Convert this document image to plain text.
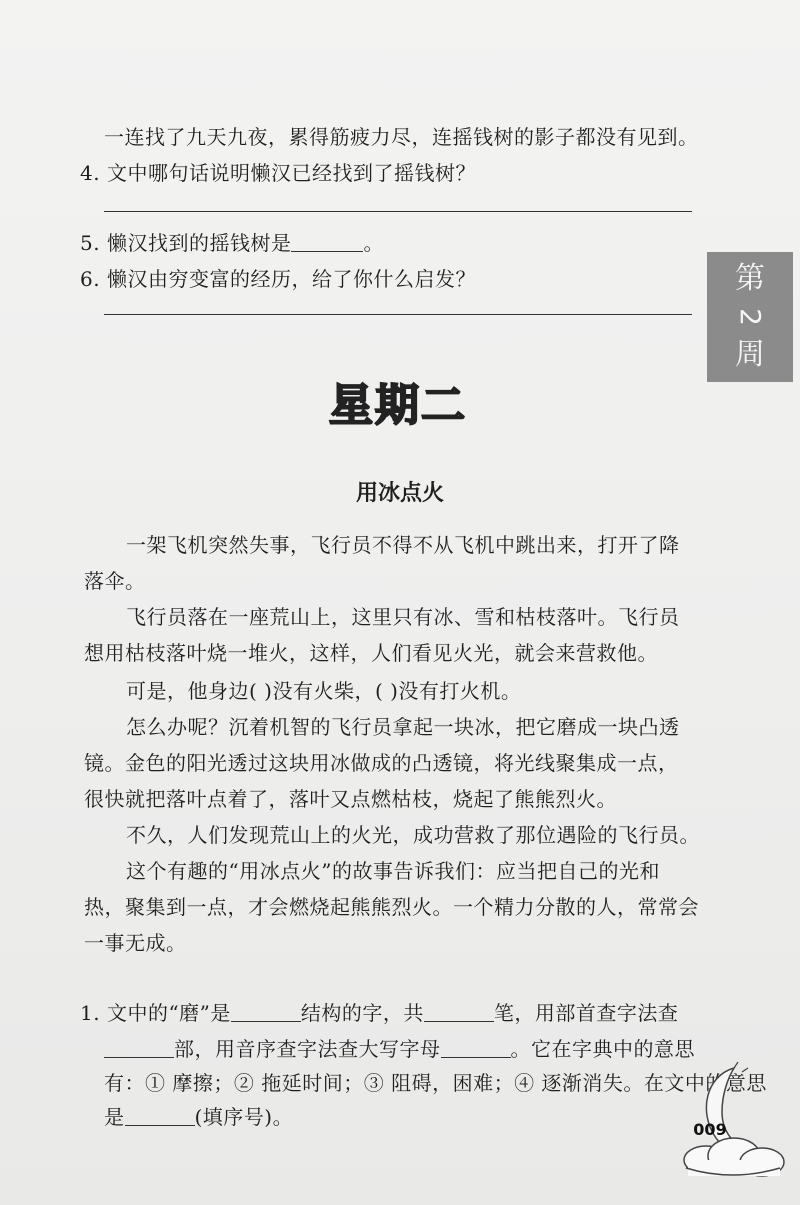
一连找了九天九夜，累得筋疲力尽，连摇钱树的影子都没有见到。
4. 文中哪句话说明懒汉已经找到了摇钱树？
5. 懒汉找到的摇钱树是	。
6. 懒汉由穷变富的经历，给了你什么启发？	第
2
周
星期二
用冰点火
一架飞机突然失事，飞行员不得不从飞机中跳出来，打开了降
落伞。
飞行员落在一座荒山上，这里只有冰、雪和枯枝落叶。飞行员
想用枯枝落叶烧一堆火，这样，人们看见火光，就会来营救他。
可是，他身边( )没有火柴，( )没有打火机。
怎么办呢？沉着机智的飞行员拿起一块冰，把它磨成一块凸透
镜。金色的阳光透过这块用冰做成的凸透镜，将光线聚集成一点，
很快就把落叶点着了，落叶又点燃枯枝，烧起了熊熊烈火。
不久，人们发现荒山上的火光，成功营救了那位遇险的飞行员。
这个有趣的“用冰点火”的故事告诉我们：应当把自己的光和
热，聚集到一点，才会燃烧起熊熊烈火。一个精力分散的人，常常会
一事无成。
1. 文中的“磨”是	结构的字，共	笔，用部首查字法查
部，用音序查字法查大写字母	。它在字典中的意思
有：① 摩擦；② 拖延时间；③ 阻碍，困难；④ 逐渐消失。在文中的意思
是	(填序号)。
009
